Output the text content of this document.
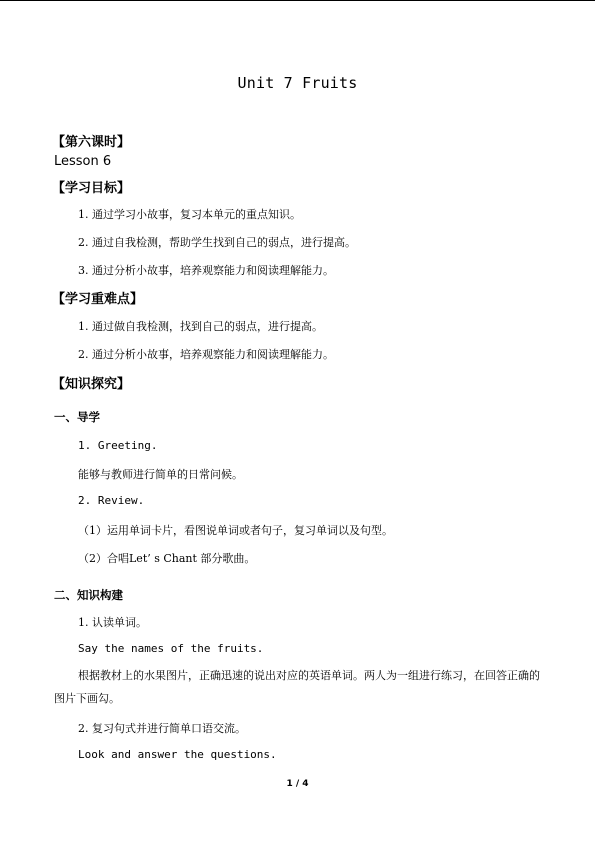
Unit 7 Fruits
【第六课时】
Lesson 6
【学习目标】
1. 通过学习小故事，复习本单元的重点知识。
2. 通过自我检测，帮助学生找到自己的弱点，进行提高。
3. 通过分析小故事，培养观察能力和阅读理解能力。
【学习重难点】
1. 通过做自我检测，找到自己的弱点，进行提高。
2. 通过分析小故事，培养观察能力和阅读理解能力。
【知识探究】
一、导学
1. Greeting.
能够与教师进行简单的日常问候。
2. Review.
（1）运用单词卡片，看图说单词或者句子，复习单词以及句型。
（2）合唱Let’ s Chant 部分歌曲。
二、知识构建
1. 认读单词。
Say the names of the fruits.
根据教材上的水果图片，正确迅速的说出对应的英语单词。两人为一组进行练习，在回答正确的图片下画勾。
2. 复习句式并进行简单口语交流。
Look and answer the questions.
1 / 4
